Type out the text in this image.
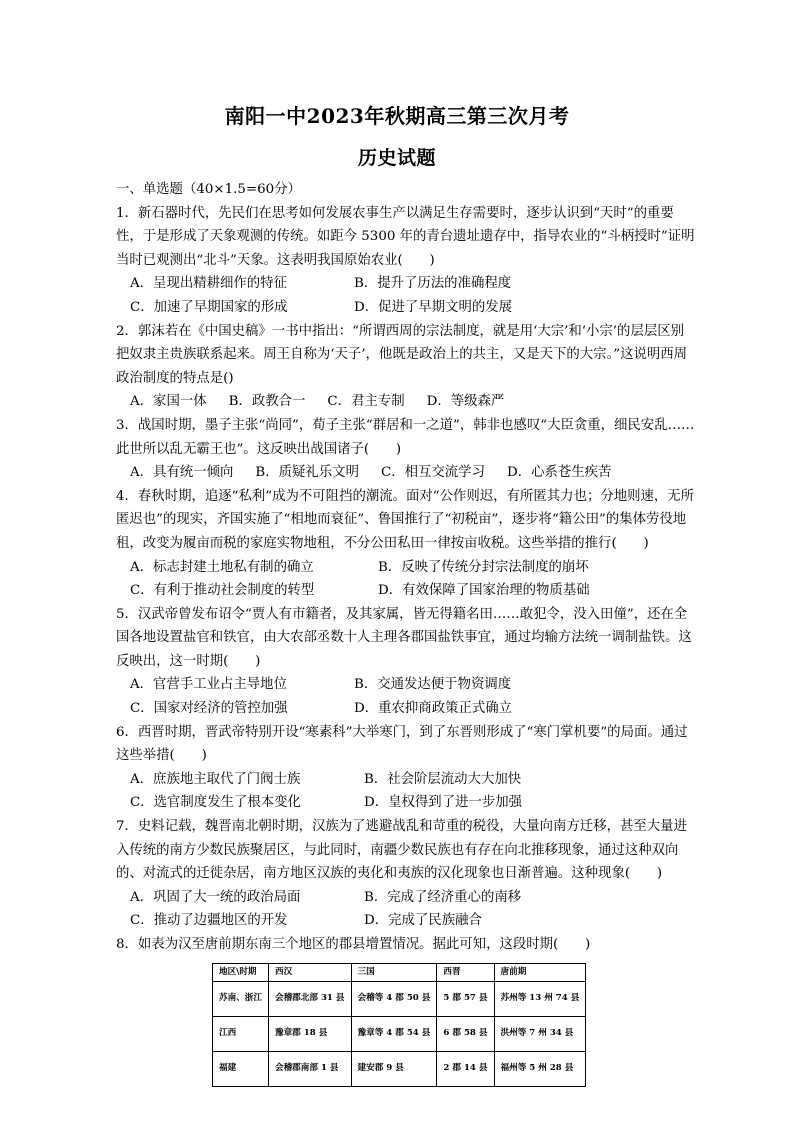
南阳一中2023年秋期高三第三次月考
历史试题

一、单选题（40×1.5=60分）

1．新石器时代，先民们在思考如何发展农事生产以满足生存需要时，逐步认识到“天时”的重要性，于是形成了天象观测的传统。如距今 5300 年的青台遗址遗存中，指导农业的“斗柄授时”证明当时已观测出“北斗”天象。这表明我国原始农业(　　)

A．呈现出精耕细作的特征	B．提升了历法的准确程度
C．加速了早期国家的形成	D．促进了早期文明的发展

2．郭沫若在《中国史稿》一书中指出：“所谓西周的宗法制度，就是用‘大宗’和‘小宗’的层层区别把奴隶主贵族联系起来。周王自称为‘天子’，他既是政治上的共主，又是天下的大宗。”这说明西周政治制度的特点是()

A．家国一体 B．政教合一 C．君主专制 D．等级森严

3．战国时期，墨子主张“尚同”，荀子主张“群居和一之道”，韩非也感叹“大臣贪重，细民安乱……此世所以乱无霸王也”。这反映出战国诸子(　　)

A．具有统一倾向 B．质疑礼乐文明 C．相互交流学习 D．心系苍生疾苦

4．春秋时期，追逐“私利”成为不可阻挡的潮流。面对“公作则迟，有所匿其力也；分地则速，无所匿迟也”的现实，齐国实施了“相地而衰征”、鲁国推行了“初税亩”，逐步将“籍公田”的集体劳役地租，改变为履亩而税的家庭实物地租，不分公田私田一律按亩收税。这些举措的推行(　　)

A．标志封建土地私有制的确立	B．反映了传统分封宗法制度的崩坏
C．有利于推动社会制度的转型	D．有效保障了国家治理的物质基础

5．汉武帝曾发布诏令“贾人有市籍者，及其家属，皆无得籍名田……敢犯令，没入田僮”，还在全国各地设置盐官和铁官，由大农部丞数十人主理各郡国盐铁事宜，通过均输方法统一调制盐铁。这反映出，这一时期(　　)

A．官营手工业占主导地位	B．交通发达便于物资调度
C．国家对经济的管控加强	D．重农抑商政策正式确立

6．西晋时期，晋武帝特别开设“寒素科”大举寒门，到了东晋则形成了“寒门掌机要”的局面。通过这些举措(　　)

A．庶族地主取代了门阀士族	B．社会阶层流动大大加快
C．选官制度发生了根本变化	D．皇权得到了进一步加强

7．史料记载，魏晋南北朝时期，汉族为了逃避战乱和苛重的税役，大量向南方迁移，甚至大量进入传统的南方少数民族聚居区，与此同时，南疆少数民族也有存在向北推移现象，通过这种双向的、对流式的迁徙杂居，南方地区汉族的夷化和夷族的汉化现象也日渐普遍。这种现象(　　)

A．巩固了大一统的政治局面	B．完成了经济重心的南移
C．推动了边疆地区的开发	D．完成了民族融合

8．如表为汉至唐前期东南三个地区的郡县增置情况。据此可知，这段时期(　　)

地区\时期	西汉	三国	西晋	唐前期
苏南、浙江	会稽郡北部 31 县	会稽等 4 郡 50 县	5 郡 57 县	苏州等 13 州 74 县
江西	豫章郡 18 县	豫章等 4 郡 54 县	6 郡 58 县	洪州等 7 州 34 县
福建	会稽郡南部 1 县	建安郡 9 县	2 郡 14 县	福州等 5 州 28 县
